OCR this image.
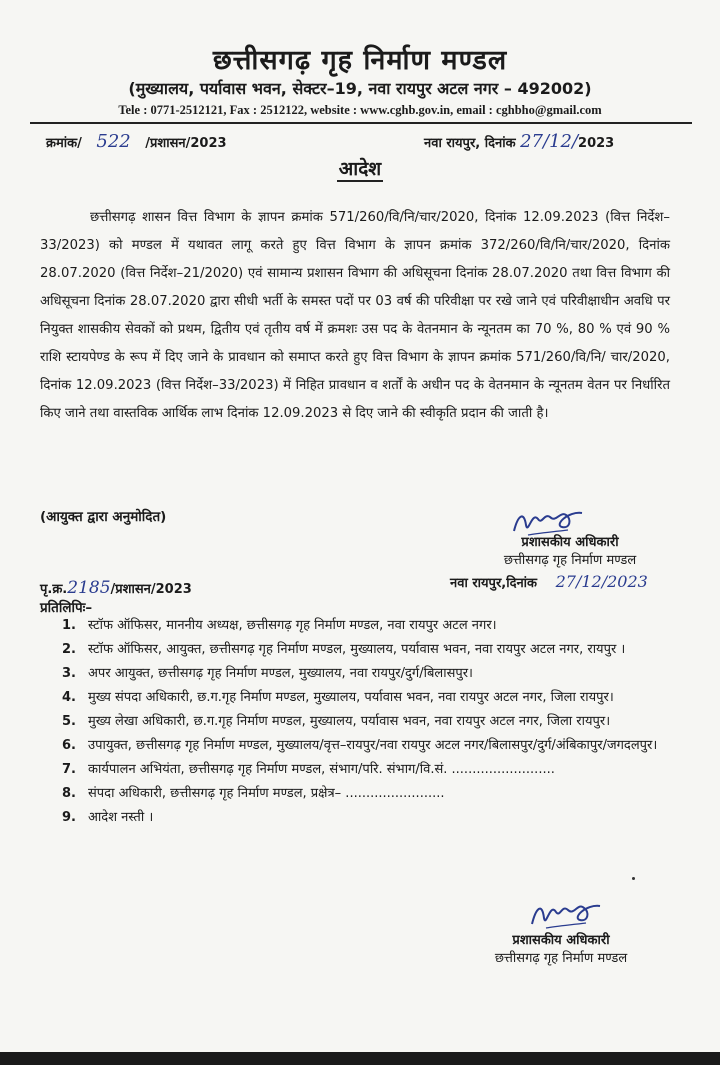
छत्तीसगढ़ गृह निर्माण मण्डल
(मुख्यालय, पर्यावास भवन, सेक्टर–19, नवा रायपुर अटल नगर – 492002)
Tele : 0771-2512121, Fax : 2512122, website : www.cghb.gov.in, email : cghbho@gmail.com
क्रमांक/ 522 /प्रशासन/2023	नवा रायपुर, दिनांक 27/12/2023
आदेश
छत्तीसगढ़ शासन वित्त विभाग के ज्ञापन क्रमांक 571/260/वि/नि/चार/2020, दिनांक 12.09.2023 (वित्त निर्देश–33/2023) को मण्डल में यथावत लागू करते हुए वित्त विभाग के ज्ञापन क्रमांक 372/260/वि/नि/चार/2020, दिनांक 28.07.2020 (वित्त निर्देश–21/2020) एवं सामान्य प्रशासन विभाग की अधिसूचना दिनांक 28.07.2020 तथा वित्त विभाग की अधिसूचना दिनांक 28.07.2020 द्वारा सीधी भर्ती के समस्त पदों पर 03 वर्ष की परिवीक्षा पर रखे जाने एवं परिवीक्षाधीन अवधि पर नियुक्त शासकीय सेवकों को प्रथम, द्वितीय एवं तृतीय वर्ष में क्रमशः उस पद के वेतनमान के न्यूनतम का 70 %, 80 % एवं 90 % राशि स्टायपेण्ड के रूप में दिए जाने के प्रावधान को समाप्त करते हुए वित्त विभाग के ज्ञापन क्रमांक 571/260/वि/नि/ चार/2020, दिनांक 12.09.2023 (वित्त निर्देश–33/2023) में निहित प्रावधान व शर्तों के अधीन पद के वेतनमान के न्यूनतम वेतन पर निर्धारित किए जाने तथा वास्तविक आर्थिक लाभ दिनांक 12.09.2023 से दिए जाने की स्वीकृति प्रदान की जाती है।
(आयुक्त द्वारा अनुमोदित)
प्रशासकीय अधिकारी
छत्तीसगढ़ गृह निर्माण मण्डल
नवा रायपुर,दिनांक 27/12/2023
पृ.क्र.2185/प्रशासन/2023
प्रतिलिपिः–
1. स्टॉफ ऑफिसर, माननीय अध्यक्ष, छत्तीसगढ़ गृह निर्माण मण्डल, नवा रायपुर अटल नगर।
2. स्टॉफ ऑफिसर, आयुक्त, छत्तीसगढ़ गृह निर्माण मण्डल, मुख्यालय, पर्यावास भवन, नवा रायपुर अटल नगर, रायपुर ।
3. अपर आयुक्त, छत्तीसगढ़ गृह निर्माण मण्डल, मुख्यालय, नवा रायपुर/दुर्ग/बिलासपुर।
4. मुख्य संपदा अधिकारी, छ.ग.गृह निर्माण मण्डल, मुख्यालय, पर्यावास भवन, नवा रायपुर अटल नगर, जिला रायपुर।
5. मुख्य लेखा अधिकारी, छ.ग.गृह निर्माण मण्डल, मुख्यालय, पर्यावास भवन, नवा रायपुर अटल नगर, जिला रायपुर।
6. उपायुक्त, छत्तीसगढ़ गृह निर्माण मण्डल, मुख्यालय/वृत्त–रायपुर/नवा रायपुर अटल नगर/बिलासपुर/दुर्ग/अंबिकापुर/जगदलपुर।
7. कार्यपालन अभियंता, छत्तीसगढ़ गृह निर्माण मण्डल, संभाग/परि. संभाग/वि.सं. .........................
8. संपदा अधिकारी, छत्तीसगढ़ गृह निर्माण मण्डल, प्रक्षेत्र– ........................
9. आदेश नस्ती ।
प्रशासकीय अधिकारी
छत्तीसगढ़ गृह निर्माण मण्डल
